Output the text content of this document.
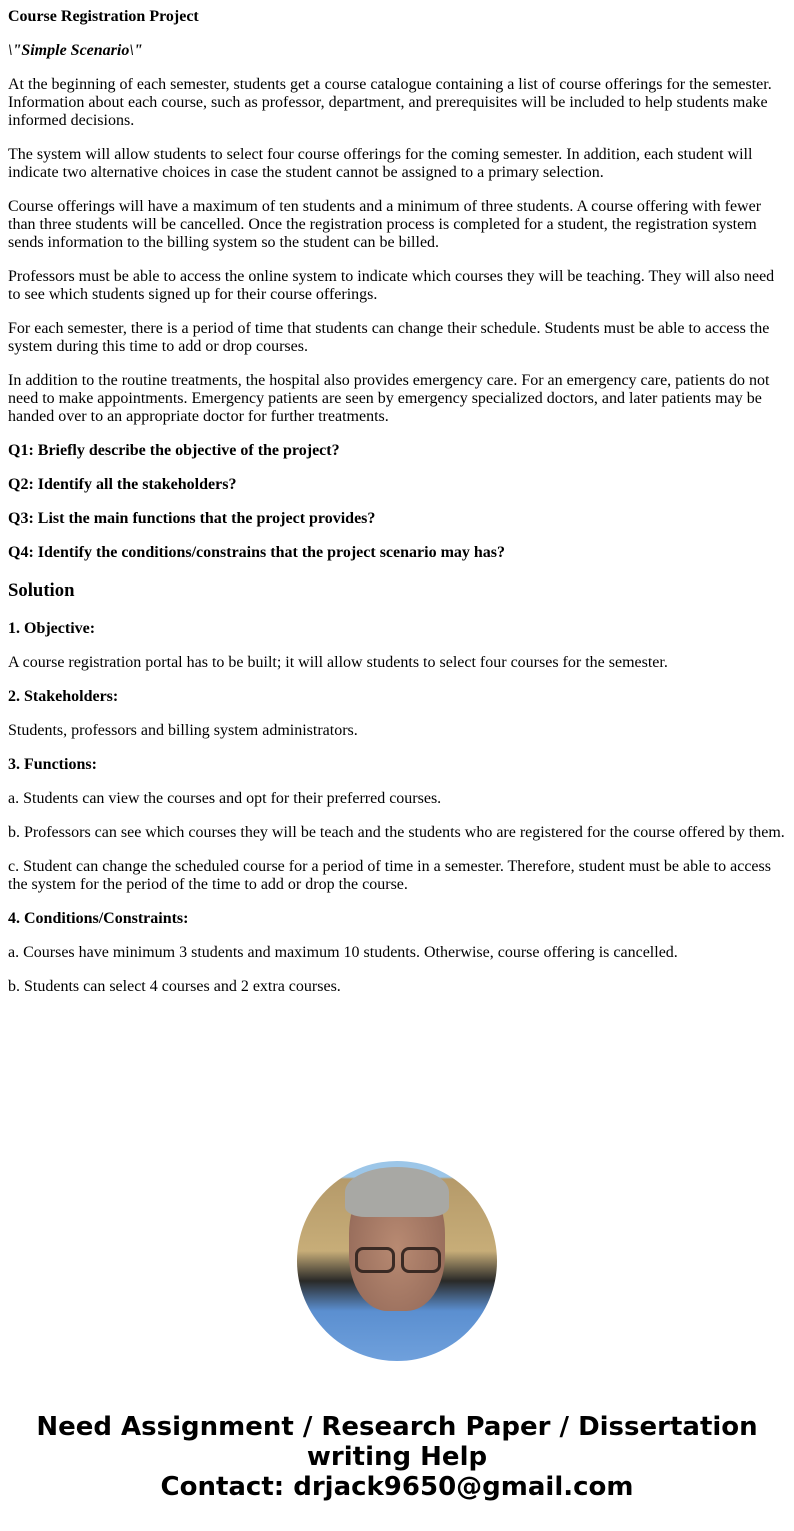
Course Registration Project

\"Simple Scenario\"

At the beginning of each semester, students get a course catalogue containing a list of course offerings for the semester. Information about each course, such as professor, department, and prerequisites will be included to help students make informed decisions.

The system will allow students to select four course offerings for the coming semester. In addition, each student will indicate two alternative choices in case the student cannot be assigned to a primary selection.

Course offerings will have a maximum of ten students and a minimum of three students. A course offering with fewer than three students will be cancelled. Once the registration process is completed for a student, the registration system sends information to the billing system so the student can be billed.

Professors must be able to access the online system to indicate which courses they will be teaching. They will also need to see which students signed up for their course offerings.

For each semester, there is a period of time that students can change their schedule. Students must be able to access the system during this time to add or drop courses.

In addition to the routine treatments, the hospital also provides emergency care. For an emergency care, patients do not need to make appointments. Emergency patients are seen by emergency specialized doctors, and later patients may be handed over to an appropriate doctor for further treatments.

Q1: Briefly describe the objective of the project?

Q2: Identify all the stakeholders?

Q3: List the main functions that the project provides?

Q4: Identify the conditions/constrains that the project scenario may has?

Solution

1. Objective:

A course registration portal has to be built; it will allow students to select four courses for the semester.

2. Stakeholders:

Students, professors and billing system administrators.

3. Functions:

a. Students can view the courses and opt for their preferred courses.

b. Professors can see which courses they will be teach and the students who are registered for the course offered by them.

c. Student can change the scheduled course for a period of time in a semester. Therefore, student must be able to access the system for the period of the time to add or drop the course.

4. Conditions/Constraints:

a. Courses have minimum 3 students and maximum 10 students. Otherwise, course offering is cancelled.

b. Students can select 4 courses and 2 extra courses.

Need Assignment / Research Paper / Dissertation writing Help
Contact: drjack9650@gmail.com
